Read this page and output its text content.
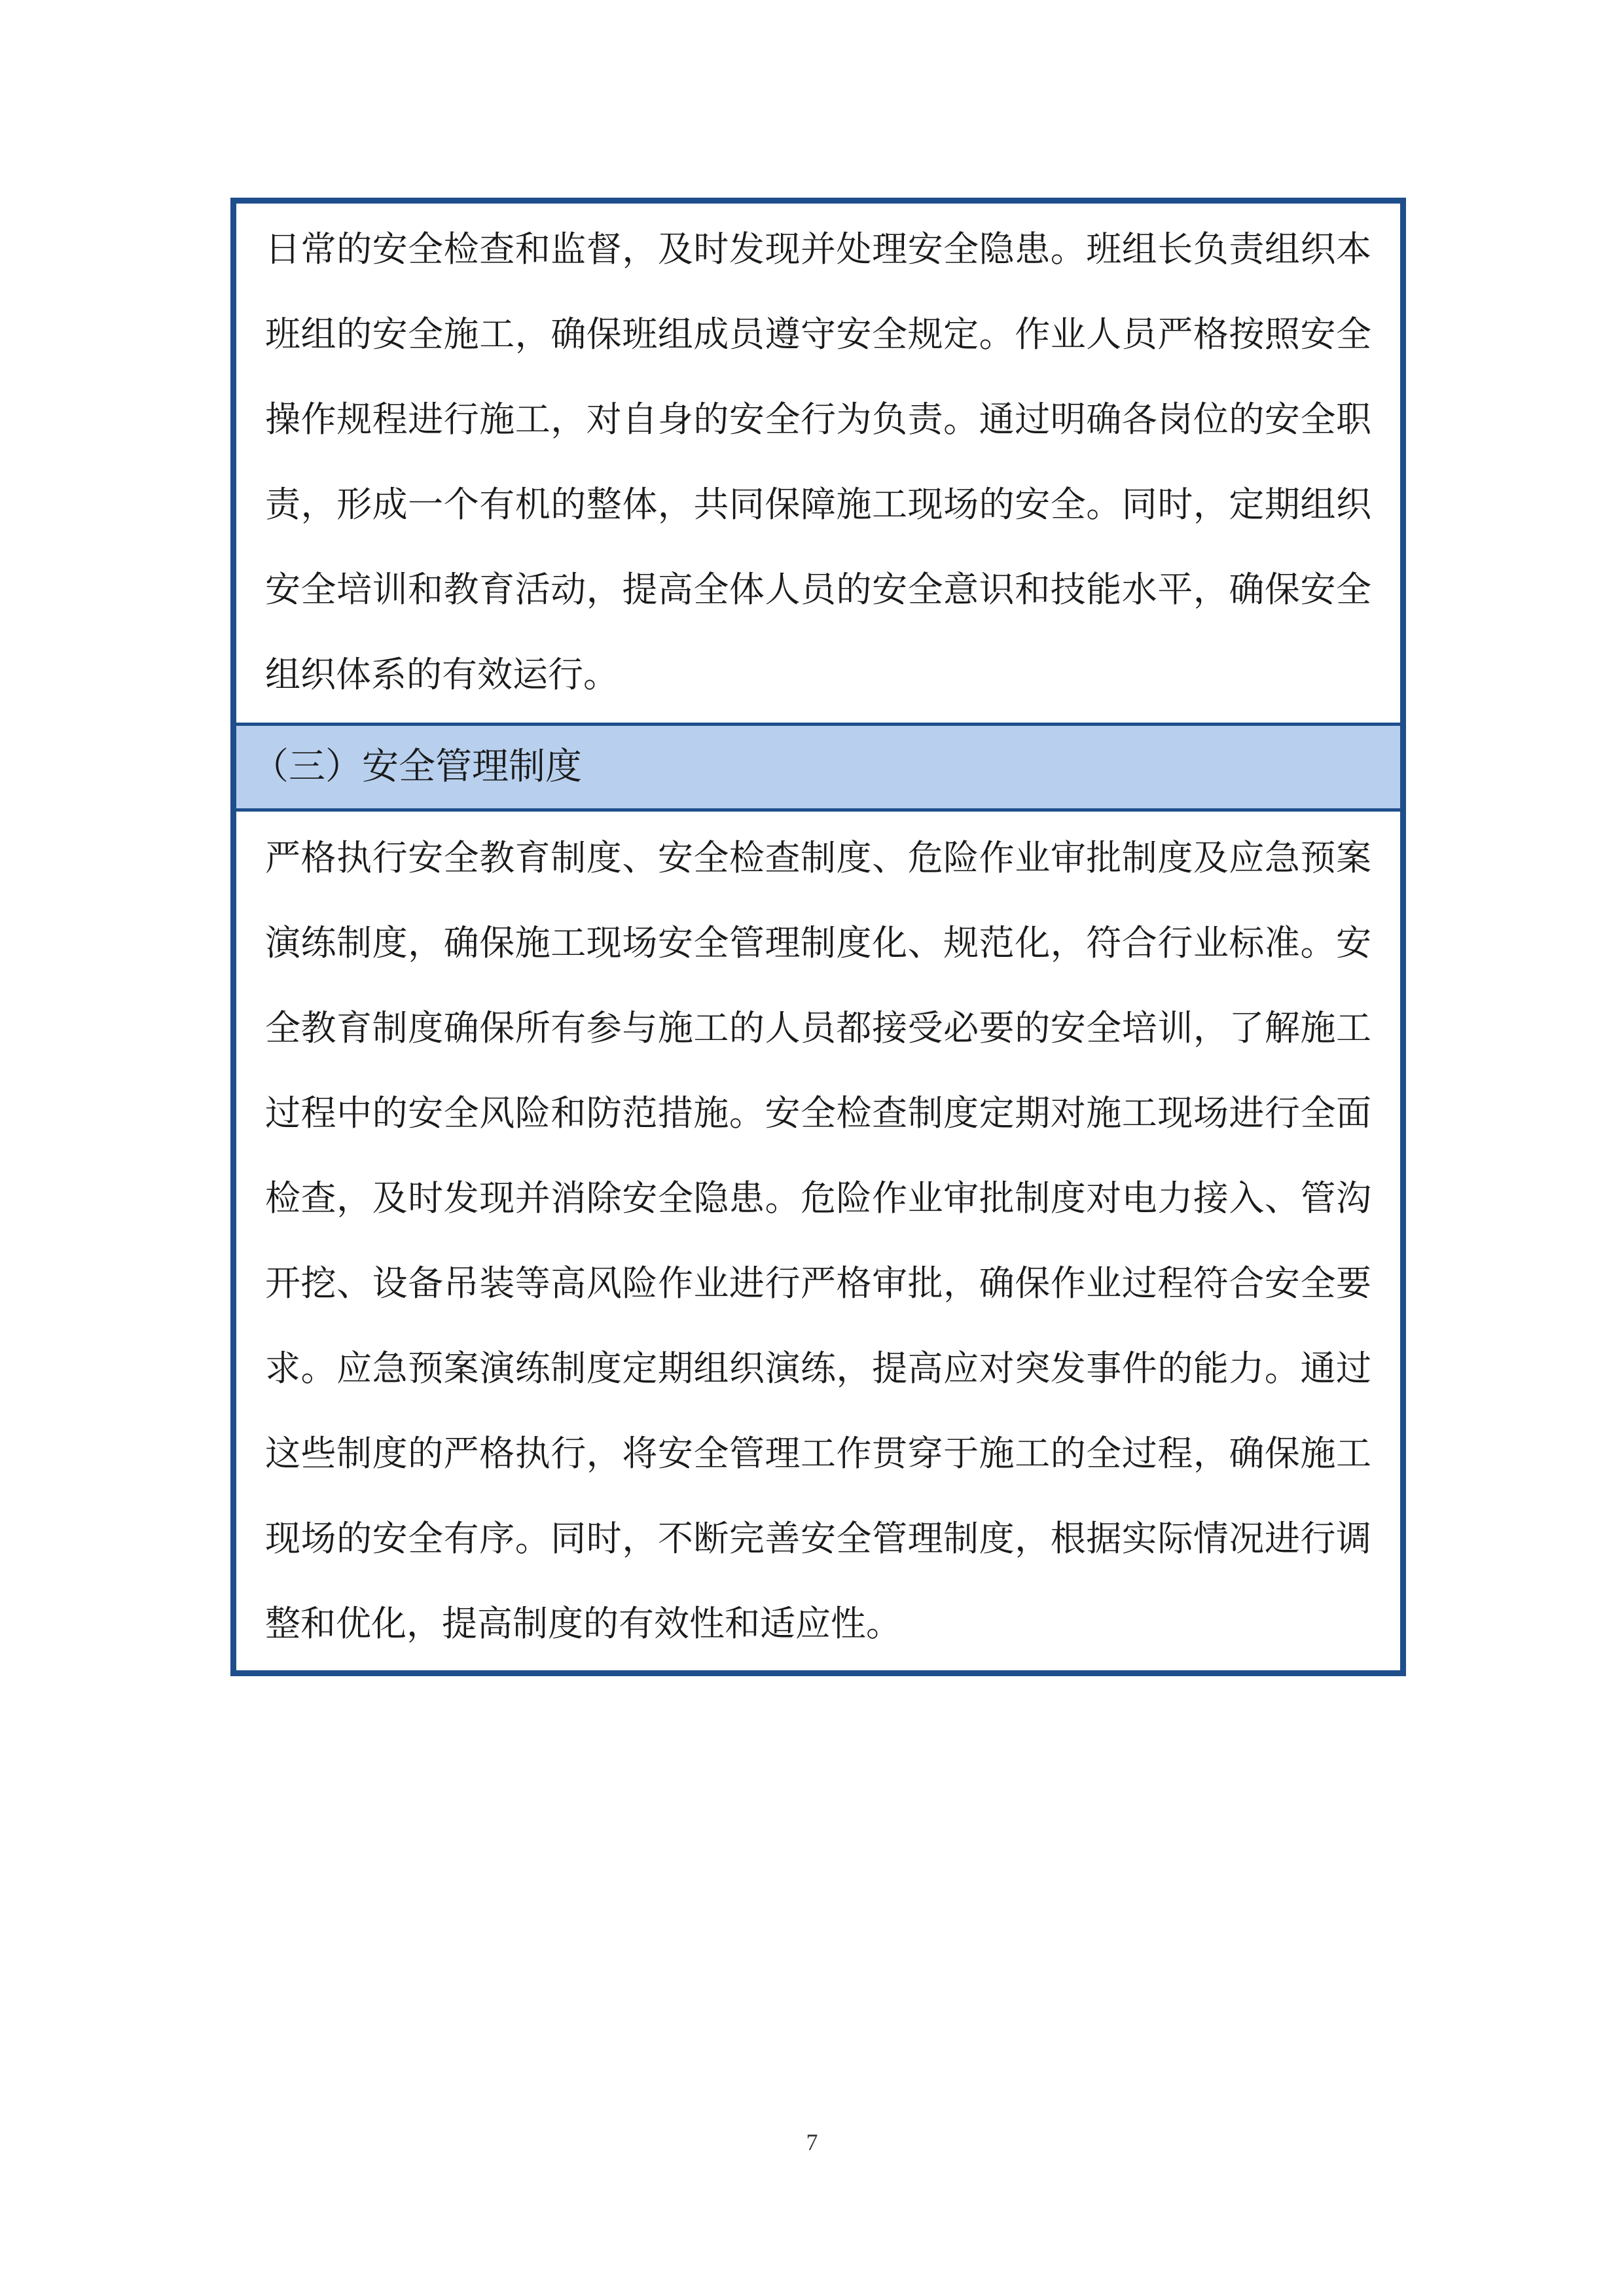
日常的安全检查和监督，及时发现并处理安全隐患。班组长负责组织本班组的安全施工，确保班组成员遵守安全规定。作业人员严格按照安全操作规程进行施工，对自身的安全行为负责。通过明确各岗位的安全职责，形成一个有机的整体，共同保障施工现场的安全。同时，定期组织安全培训和教育活动，提高全体人员的安全意识和技能水平，确保安全组织体系的有效运行。
（三）安全管理制度
严格执行安全教育制度、安全检查制度、危险作业审批制度及应急预案演练制度，确保施工现场安全管理制度化、规范化，符合行业标准。安全教育制度确保所有参与施工的人员都接受必要的安全培训，了解施工过程中的安全风险和防范措施。安全检查制度定期对施工现场进行全面检查，及时发现并消除安全隐患。危险作业审批制度对电力接入、管沟开挖、设备吊装等高风险作业进行严格审批，确保作业过程符合安全要求。应急预案演练制度定期组织演练，提高应对突发事件的能力。通过这些制度的严格执行，将安全管理工作贯穿于施工的全过程，确保施工现场的安全有序。同时，不断完善安全管理制度，根据实际情况进行调整和优化，提高制度的有效性和适应性。
7
